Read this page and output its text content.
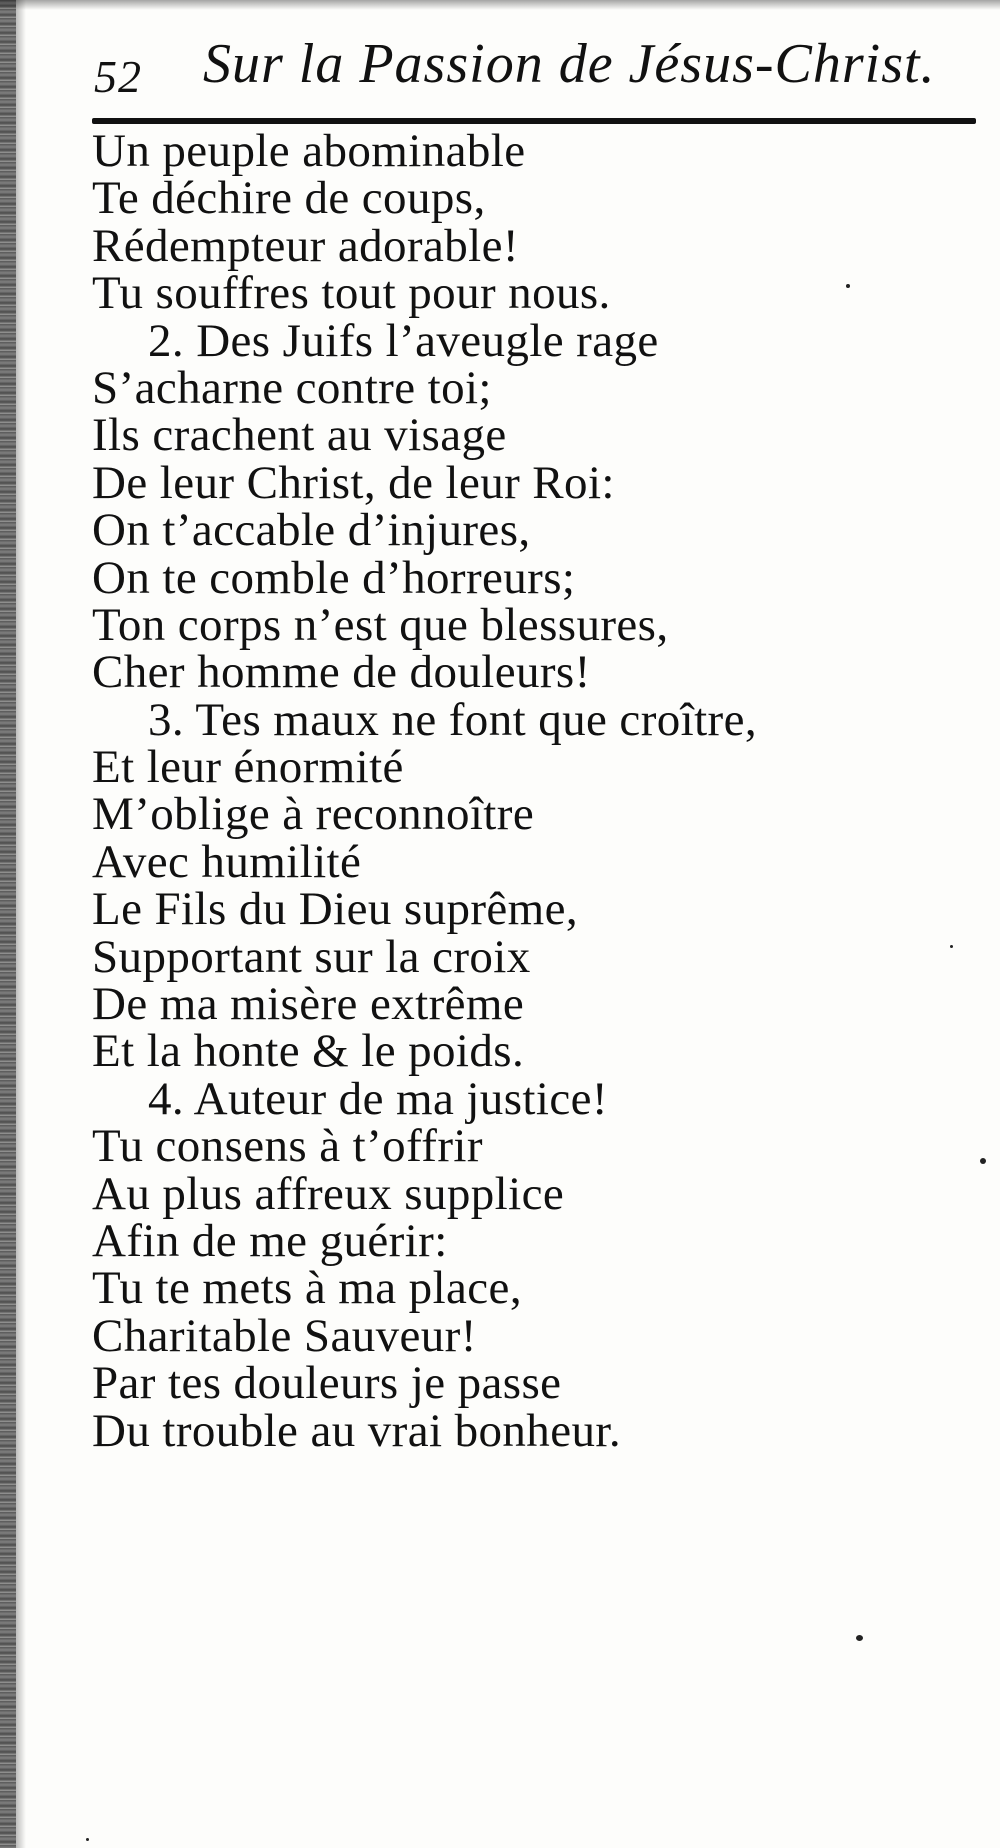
52 Sur la Passion de Jésus-Christ.
Un peuple abominable
Te déchire de coups,
Rédempteur adorable!
Tu souffres tout pour nous.
2. Des Juifs l’aveugle rage
S’acharne contre toi;
Ils crachent au visage
De leur Christ, de leur Roi:
On t’accable d’injures,
On te comble d’horreurs;
Ton corps n’est que blessures,
Cher homme de douleurs!
3. Tes maux ne font que croître,
Et leur énormité
M’oblige à reconnoître
Avec humilité
Le Fils du Dieu suprême,
Supportant sur la croix
De ma misère extrême
Et la honte & le poids.
4. Auteur de ma justice!
Tu consens à t’offrir
Au plus affreux supplice
Afin de me guérir:
Tu te mets à ma place,
Charitable Sauveur!
Par tes douleurs je passe
Du trouble au vrai bonheur.
